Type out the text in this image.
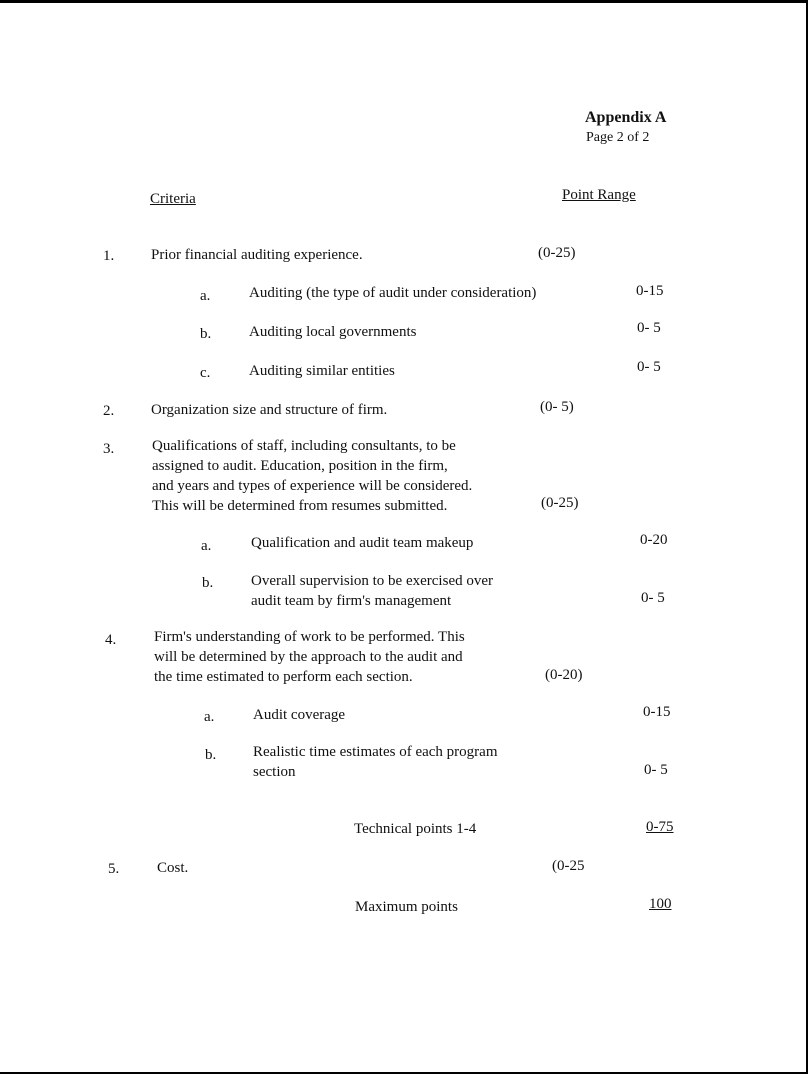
Appendix A
Page 2 of 2
Criteria	Point Range
1. Prior financial auditing experience.	(0-25)
a.	Auditing (the type of audit under consideration)	0-15
b.	Auditing local governments	0- 5
c.	Auditing similar entities	0- 5
2. Organization size and structure of firm.	(0- 5)
3.	Qualifications of staff, including consultants, to be
assigned to audit. Education, position in the firm,
and years and types of experience will be considered.
This will be determined from resumes submitted.	(0-25)
a.	Qualification and audit team makeup	0-20
b.	Overall supervision to be exercised over
audit team by firm's management	0- 5
4.	Firm's understanding of work to be performed. This
will be determined by the approach to the audit and
the time estimated to perform each section.	(0-20)
a.	Audit coverage	0-15
b. Realistic time estimates of each program
section	0- 5
Technical points 1-4	0-75
5.	Cost.	(0-25
Maximum points	100
